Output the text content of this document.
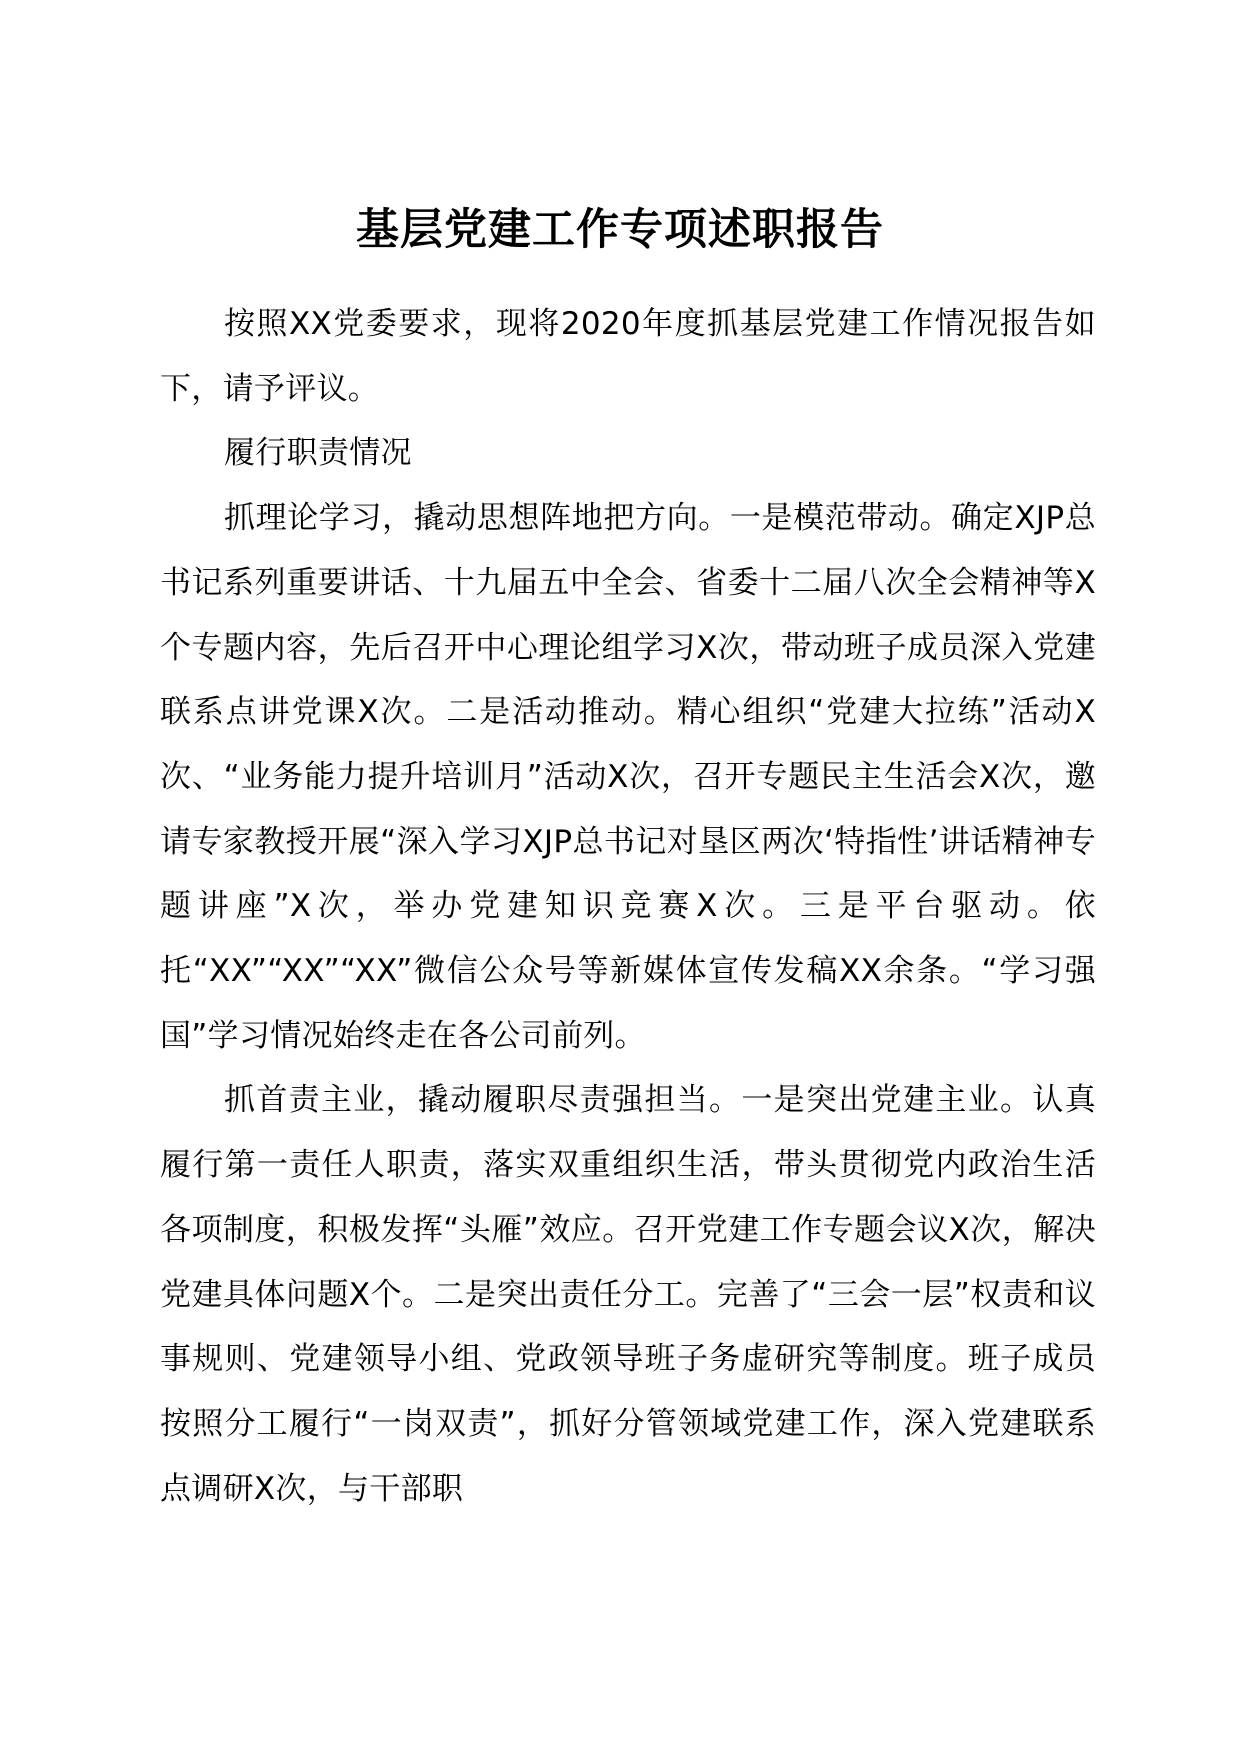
基层党建工作专项述职报告

按照XX党委要求，现将2020年度抓基层党建工作情况报告如下，请予评议。

履行职责情况

抓理论学习，撬动思想阵地把方向。一是模范带动。确定XJP总书记系列重要讲话、十九届五中全会、省委十二届八次全会精神等X个专题内容，先后召开中心理论组学习X次，带动班子成员深入党建联系点讲党课X次。二是活动推动。精心组织“党建大拉练”活动X次、“业务能力提升培训月”活动X次，召开专题民主生活会X次，邀请专家教授开展“深入学习XJP总书记对垦区两次‘特指性’讲话精神专题讲座”X次，举办党建知识竞赛X次。三是平台驱动。依托“XX”“XX”“XX”微信公众号等新媒体宣传发稿XX余条。“学习强国”学习情况始终走在各公司前列。

抓首责主业，撬动履职尽责强担当。一是突出党建主业。认真履行第一责任人职责，落实双重组织生活，带头贯彻党内政治生活各项制度，积极发挥“头雁”效应。召开党建工作专题会议X次，解决党建具体问题X个。二是突出责任分工。完善了“三会一层”权责和议事规则、党建领导小组、党政领导班子务虚研究等制度。班子成员按照分工履行“一岗双责”，抓好分管领域党建工作，深入党建联系点调研X次，与干部职
